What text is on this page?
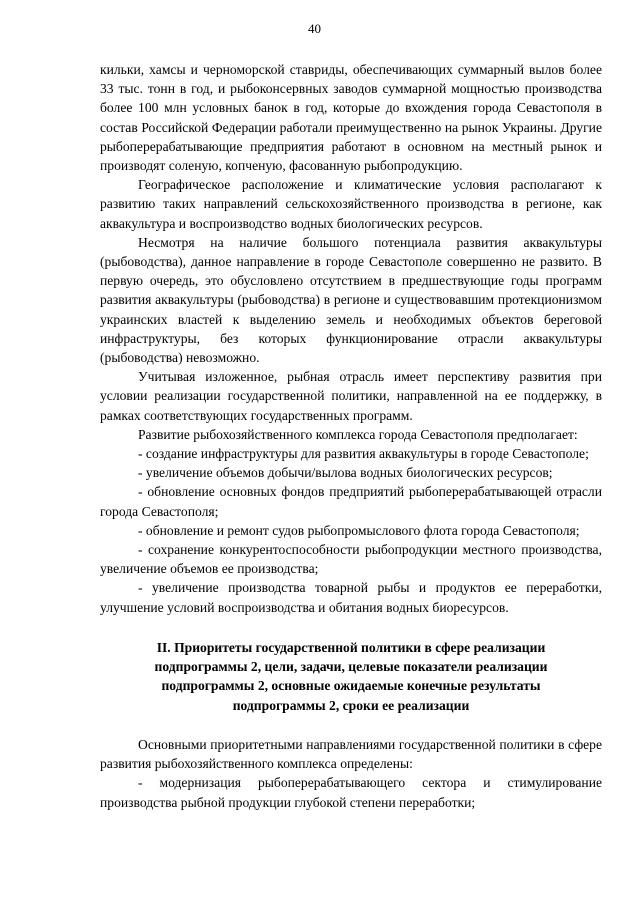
40

кильки, хамсы и черноморской ставриды, обеспечивающих суммарный вылов более 33 тыс. тонн в год, и рыбоконсервных заводов суммарной мощностью производства более 100 млн условных банок в год, которые до вхождения города Севастополя в состав Российской Федерации работали преимущественно на рынок Украины. Другие рыбоперерабатывающие предприятия работают в основном на местный рынок и производят соленую, копченую, фасованную рыбопродукцию.

Географическое расположение и климатические условия располагают к развитию таких направлений сельскохозяйственного производства в регионе, как аквакультура и воспроизводство водных биологических ресурсов.

Несмотря на наличие большого потенциала развития аквакультуры (рыбоводства), данное направление в городе Севастополе совершенно не развито. В первую очередь, это обусловлено отсутствием в предшествующие годы программ развития аквакультуры (рыбоводства) в регионе и существовавшим протекционизмом украинских властей к выделению земель и необходимых объектов береговой инфраструктуры, без которых функционирование отрасли аквакультуры (рыбоводства) невозможно.

Учитывая изложенное, рыбная отрасль имеет перспективу развития при условии реализации государственной политики, направленной на ее поддержку, в рамках соответствующих государственных программ.

Развитие рыбохозяйственного комплекса города Севастополя предполагает:

- создание инфраструктуры для развития аквакультуры в городе Севастополе;

- увеличение объемов добычи/вылова водных биологических ресурсов;

- обновление основных фондов предприятий рыбоперерабатывающей отрасли города Севастополя;

- обновление и ремонт судов рыбопромыслового флота города Севастополя;

- сохранение конкурентоспособности рыбопродукции местного производства, увеличение объемов ее производства;

- увеличение производства товарной рыбы и продуктов ее переработки, улучшение условий воспроизводства и обитания водных биоресурсов.

II. Приоритеты государственной политики в сфере реализации подпрограммы 2, цели, задачи, целевые показатели реализации подпрограммы 2, основные ожидаемые конечные результаты подпрограммы 2, сроки ее реализации

Основными приоритетными направлениями государственной политики в сфере развития рыбохозяйственного комплекса определены:

- модернизация рыбоперерабатывающего сектора и стимулирование производства рыбной продукции глубокой степени переработки;
